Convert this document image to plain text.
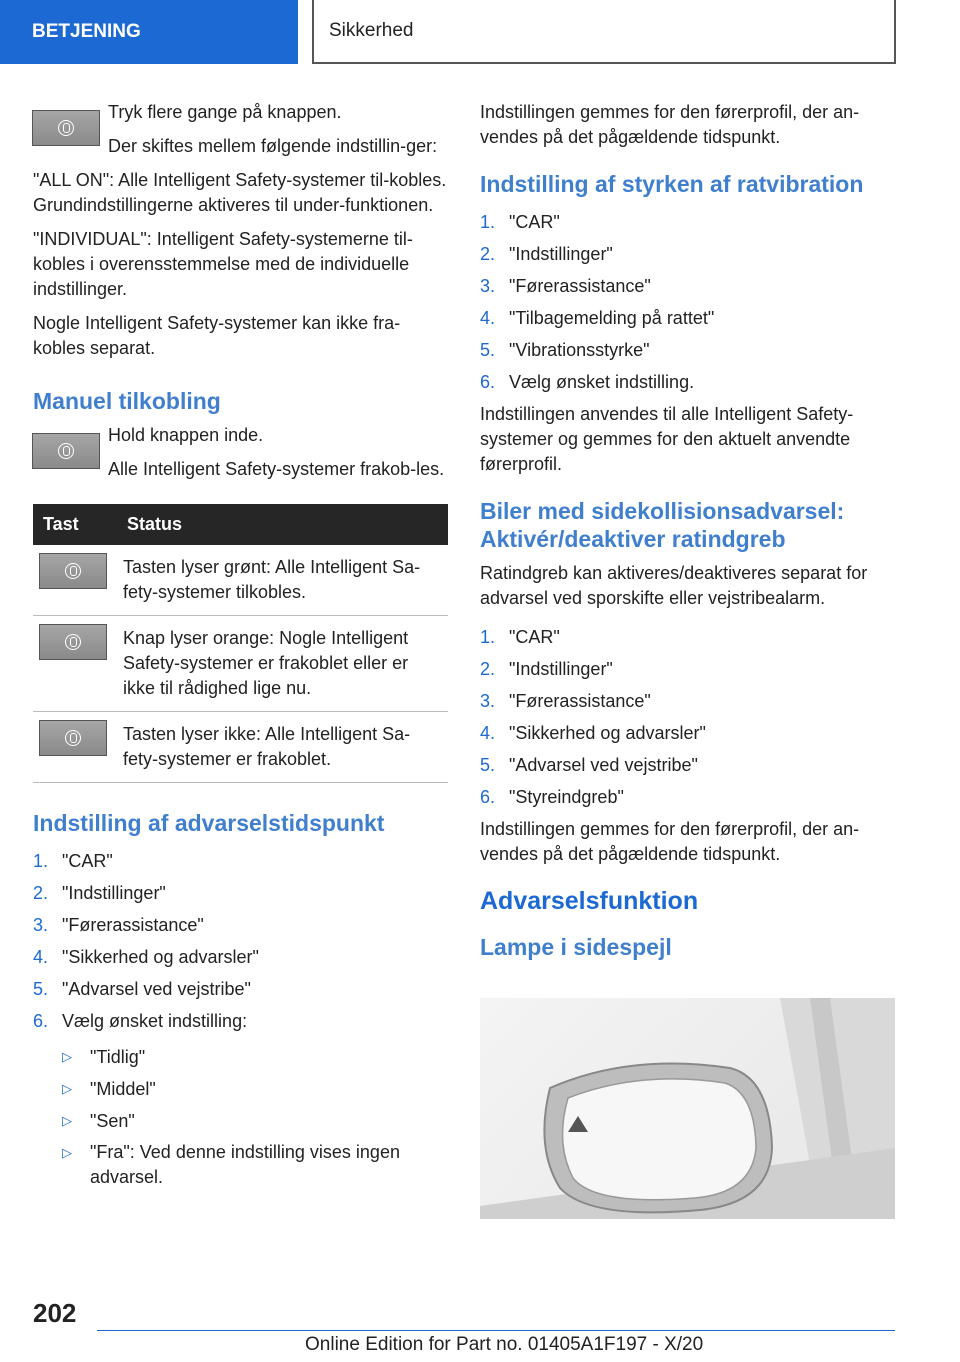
BETJENING	Sikkerhed

Tryk flere gange på knappen.

Der skiftes mellem følgende indstillin-ger:

"ALL ON": Alle Intelligent Safety-systemer til-kobles. Grundindstillingerne aktiveres til under-funktionen.

"INDIVIDUAL": Intelligent Safety-systemerne til-kobles i overensstemmelse med de individuelle indstillinger.

Nogle Intelligent Safety-systemer kan ikke fra-kobles separat.

Manuel tilkobling

Hold knappen inde.

Alle Intelligent Safety-systemer frakob-les.

Tast	Status

	Tasten lyser grønt: Alle Intelligent Sa-fety-systemer tilkobles.

	Knap lyser orange: Nogle Intelligent Safety-systemer er frakoblet eller er ikke til rådighed lige nu.

	Tasten lyser ikke: Alle Intelligent Sa-fety-systemer er frakoblet.
Indstilling af advarselstidspunkt
1. "CAR"
2. "Indstillinger"
3. "Førerassistance"
4. "Sikkerhed og advarsler"
5. "Advarsel ved vejstribe"
6. Vælg ønsket indstilling:
▷	"Tidlig"
▷	"Middel"
▷	"Sen"
▷	"Fra": Ved denne indstilling vises ingen advarsel.

Indstillingen gemmes for den førerprofil, der an-vendes på det pågældende tidspunkt.

Indstilling af styrken af ratvibration
1. "CAR"
2. "Indstillinger"
3. "Førerassistance"
4. "Tilbagemelding på rattet"
5. "Vibrationsstyrke"
6. Vælg ønsket indstilling.

Indstillingen anvendes til alle Intelligent Safety-systemer og gemmes for den aktuelt anvendte førerprofil.

Biler med sidekollisionsadvarsel: Aktivér/deaktiver ratindgreb

Ratindgreb kan aktiveres/deaktiveres separat for advarsel ved sporskifte eller vejstribealarm.

1. "CAR"
2. "Indstillinger"
3. "Førerassistance"
4. "Sikkerhed og advarsler"
5. "Advarsel ved vejstribe"
6. "Styreindgreb"

Indstillingen gemmes for den førerprofil, der an-vendes på det pågældende tidspunkt.

Advarselsfunktion
Lampe i sidespejl
202
Online Edition for Part no. 01405A1F197 - X/20
